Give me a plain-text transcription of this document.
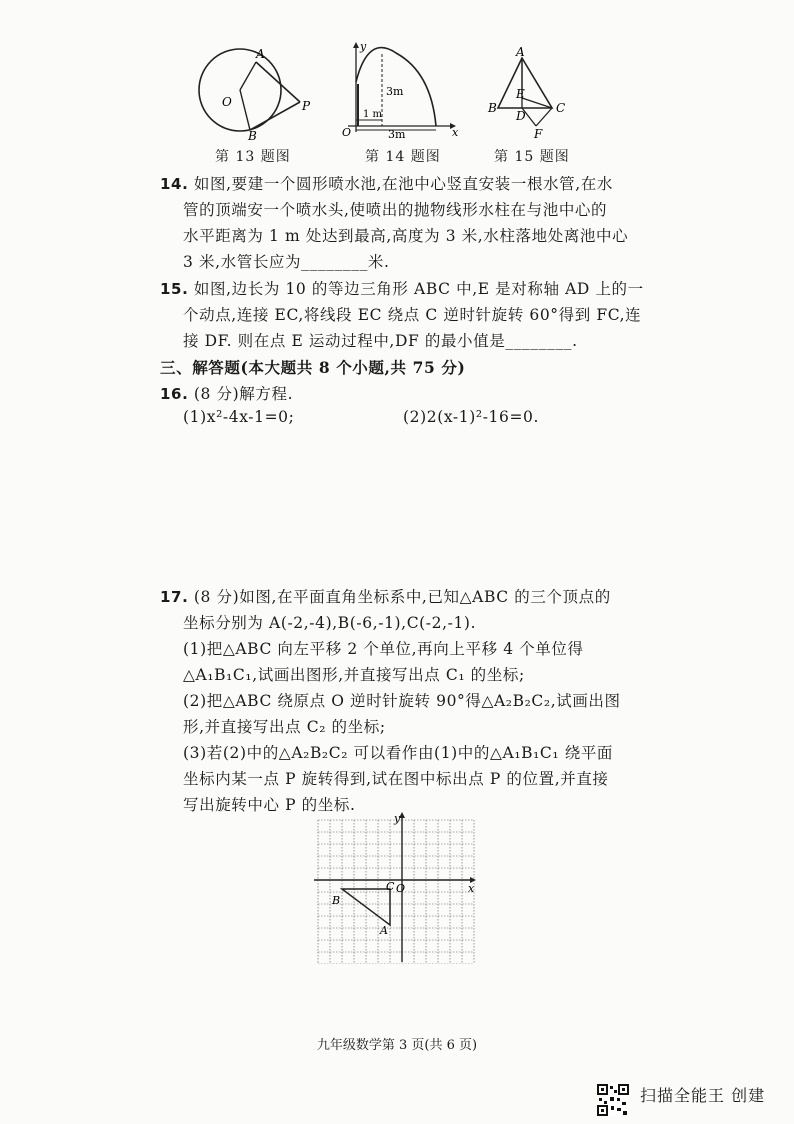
A
O	P
B
第 13 题图
y
3m
1 m
O	3m	x
第 14 题图
A
B	C
E
D
F
第 15 题图
14. 如图,要建一个圆形喷水池,在池中心竖直安装一根水管,在水
管的顶端安一个喷水头,使喷出的抛物线形水柱在与池中心的
水平距离为 1 m 处达到最高,高度为 3 米,水柱落地处离池中心
3 米,水管长应为________米.
15. 如图,边长为 10 的等边三角形 ABC 中,E 是对称轴 AD 上的一
个动点,连接 EC,将线段 EC 绕点 C 逆时针旋转 60°得到 FC,连
接 DF. 则在点 E 运动过程中,DF 的最小值是________.
三、解答题(本大题共 8 个小题,共 75 分)
16. (8 分)解方程.
(1)x²-4x-1=0;	(2)2(x-1)²-16=0.
17. (8 分)如图,在平面直角坐标系中,已知△ABC 的三个顶点的
坐标分别为 A(-2,-4),B(-6,-1),C(-2,-1).
(1)把△ABC 向左平移 2 个单位,再向上平移 4 个单位得
△A₁B₁C₁,试画出图形,并直接写出点 C₁ 的坐标;
(2)把△ABC 绕原点 O 逆时针旋转 90°得△A₂B₂C₂,试画出图
形,并直接写出点 C₂ 的坐标;
(3)若(2)中的△A₂B₂C₂ 可以看作由(1)中的△A₁B₁C₁ 绕平面
坐标内某一点 P 旋转得到,试在图中标出点 P 的位置,并直接
写出旋转中心 P 的坐标.
y
x
O
C
B
A
九年级数学第 3 页(共 6 页)
扫描全能王 创建
